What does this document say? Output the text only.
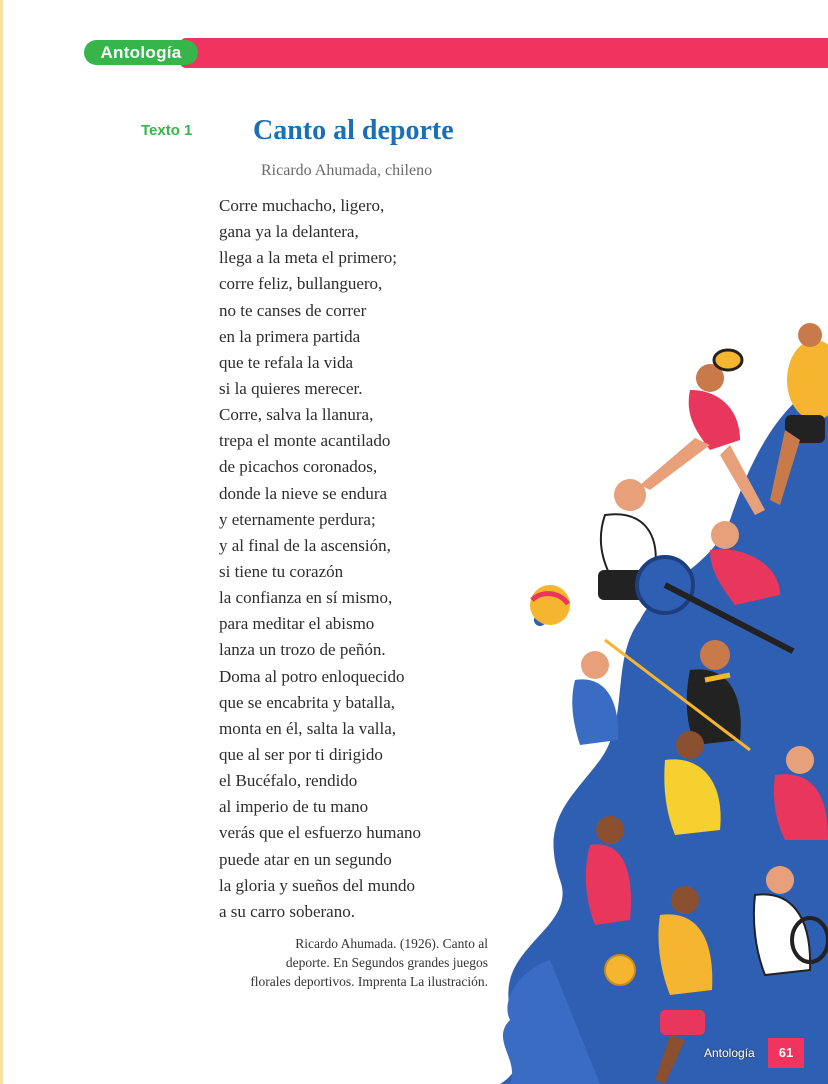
Antología
Texto 1 Canto al deporte
Ricardo Ahumada, chileno
Corre muchacho, ligero,
gana ya la delantera,
llega a la meta el primero;
corre feliz, bullanguero,
no te canses de correr
en la primera partida
que te refala la vida
si la quieres merecer.
Corre, salva la llanura,
trepa el monte acantilado
de picachos coronados,
donde la nieve se endura
y eternamente perdura;
y al final de la ascensión,
si tiene tu corazón
la confianza en sí mismo,
para meditar el abismo
lanza un trozo de peñón.
Doma al potro enloquecido
que se encabrita y batalla,
monta en él, salta la valla,
que al ser por ti dirigido
el Bucéfalo, rendido
al imperio de tu mano
verás que el esfuerzo humano
puede atar en un segundo
la gloria y sueños del mundo
a su carro soberano.
Ricardo Ahumada. (1926). Canto al
deporte. En Segundos grandes juegos
florales deportivos. Imprenta La ilustración.
Antología	61
